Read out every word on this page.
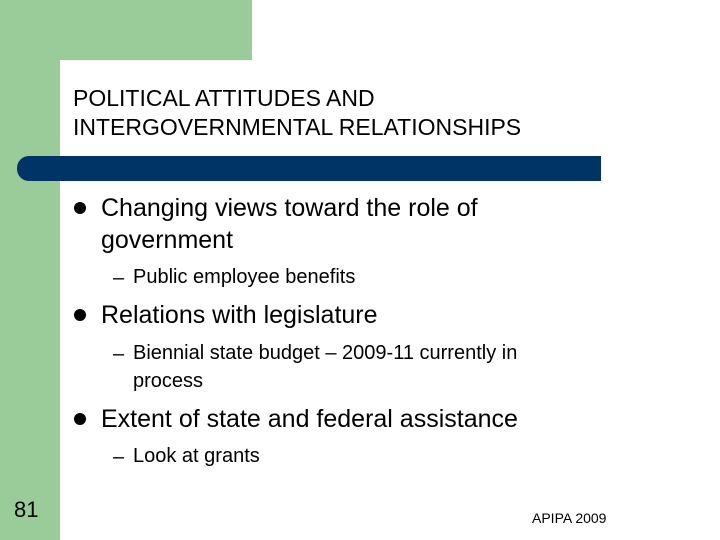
POLITICAL ATTITUDES AND
INTERGOVERNMENTAL RELATIONSHIPS
Changing views toward the role of
government
– Public employee benefits
Relations with legislature
– Biennial state budget – 2009-11 currently in
process
Extent of state and federal assistance
– Look at grants
81	APIPA 2009
